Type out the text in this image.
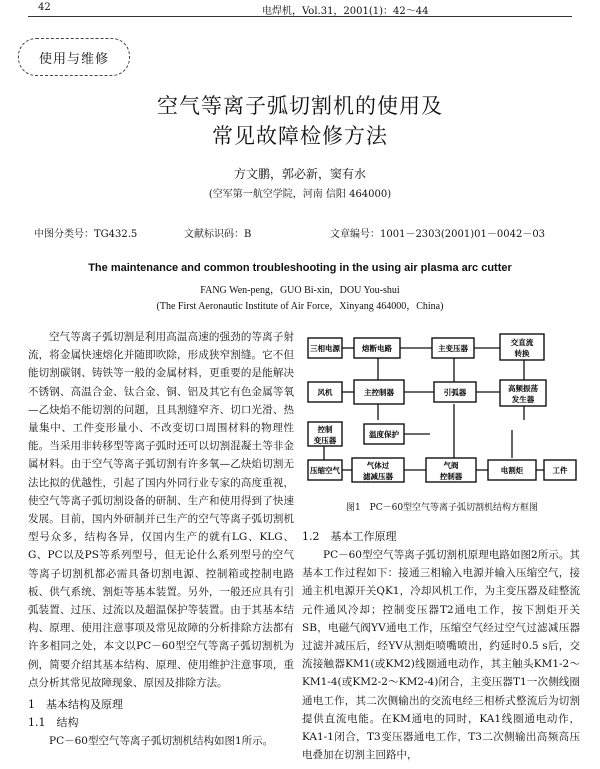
42	电焊机，Vol.31，2001(1)：42～44
使用与维修
空气等离子弧切割机的使用及
常见故障检修方法
方文鹏，郭必新，窦有水
(空军第一航空学院，河南 信阳 464000)
中图分类号：TG432.5	文献标识码：B	文章编号：1001－2303(2001)01－0042－03
The maintenance and common troubleshooting in the using air plasma arc cutter
FANG Wen-peng，GUO Bi-xin，DOU You-shui
(The First Aeronautic Institute of Air Force，Xinyang 464000，China)

空气等离子弧切割是利用高温高速的强劲的等离子射流，将金属快速熔化并随即吹除，形成狭窄割缝。它不但能切割碳钢、铸铁等一般的金属材料，更重要的是能解决不锈钢、高温合金、钛合金、铜、铝及其它有色金属等氧—乙炔焰不能切割的问题，且具割缝窄齐、切口光滑、热量集中、工件变形量小、不改变切口周围材料的物理性能。当采用非转移型等离子弧时还可以切割混凝土等非金属材料。由于空气等离子弧切割有许多氧—乙炔焰切割无法比拟的优越性，引起了国内外同行业专家的高度重视，使空气等离子弧切割设备的研制、生产和使用得到了快速发展。目前，国内外研制并已生产的空气等离子弧切割机型号众多，结构各异，仅国内生产的就有LG、KLG、G、PC以及PS等系列型号，但无论什么系列型号的空气等离子切割机都必需具备切割电源、控制箱或控制电路板、供气系统、割炬等基本装置。另外，一般还应具有引弧装置、过压、过流以及超温保护等装置。由于其基本结构、原理、使用注意事项及常见故障的分析排除方法都有许多相同之处，本文以PC－60型空气等离子弧切割机为例，简要介绍其基本结构、原理、使用维护注意事项，重点分析其常见故障现象、原因及排除方法。

1　基本结构及原理
1.1　结构

PC－60型空气等离子弧切割机结构如图1所示。

三相电源	熔断电路	主变压器
交直流
转换
风机	主控制器	引弧器	高频振荡
发生器
控制
变压器
温度保护
压缩空气
气体过
滤减压器
气阀
控制器
电割炬	工件
图1　PC－60型空气等离子弧切割机结构方框图
1.2　基本工作原理

PC－60型空气等离子弧切割机原理电路如图2所示。其基本工作过程如下：接通三相输入电源并输入压缩空气，接通主机电源开关QK1，冷却风机工作，为主变压器及硅整流元件通风冷却；控制变压器T2通电工作，按下割炬开关SB，电磁气阀YV通电工作，压缩空气经过空气过滤减压器过滤并减压后，经YV从割炬喷嘴喷出，约延时0.5 s后，交流接触器KM1(或KM2)线圈通电动作，其主触头KM1-2～KM1-4(或KM2-2～KM2-4)闭合，主变压器T1一次侧线圈通电工作，其二次侧输出的交流电经三相桥式整流后为切割提供直流电能。在KM通电的同时，KA1线圈通电动作，KA1-1闭合，T3变压器通电工作，T3二次侧输出高频高压电叠加在切割主回路中，
